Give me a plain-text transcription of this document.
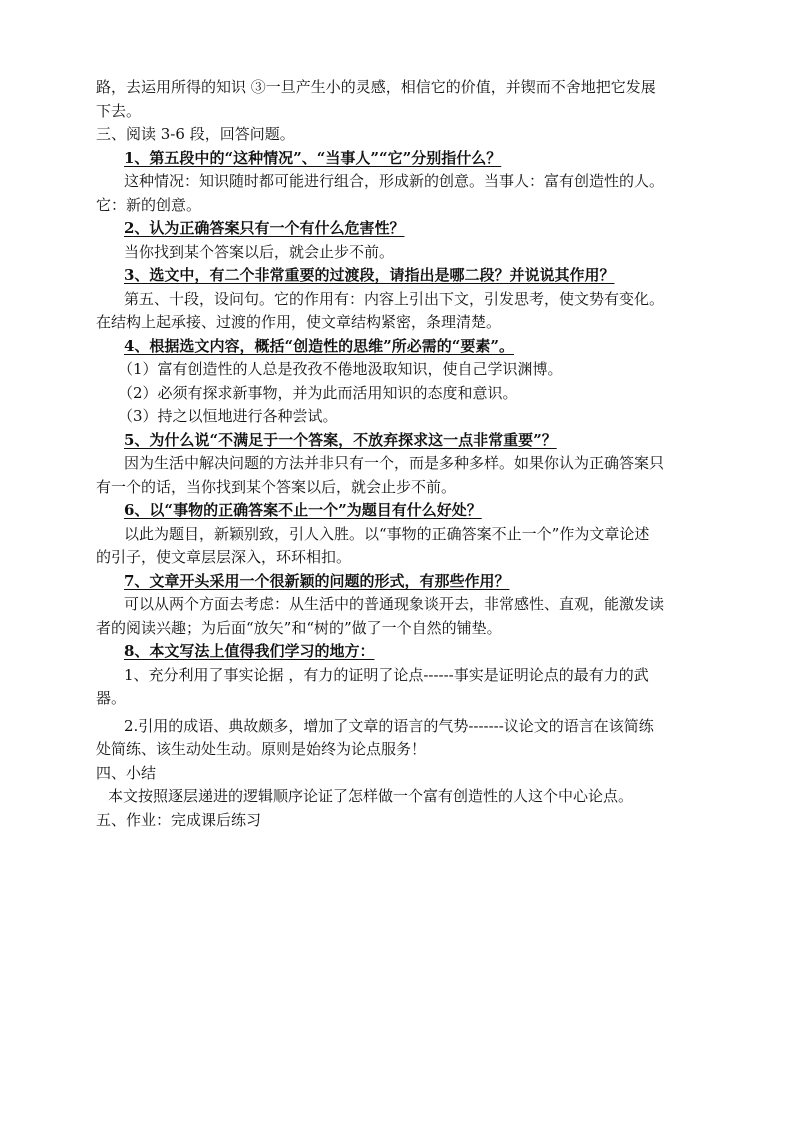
路，去运用所得的知识 ③一旦产生小的灵感，相信它的价值，并锲而不舍地把它发展
下去。
三、阅读 3-6 段，回答问题。
1、第五段中的“这种情况”、“当事人”“它”分别指什么？
这种情况：知识随时都可能进行组合，形成新的创意。当事人：富有创造性的人。
它：新的创意。
2、认为正确答案只有一个有什么危害性？
当你找到某个答案以后，就会止步不前。
3、选文中，有二个非常重要的过渡段，请指出是哪二段？并说说其作用？
第五、十段，设问句。它的作用有：内容上引出下文，引发思考，使文势有变化。
在结构上起承接、过渡的作用，使文章结构紧密，条理清楚。
4、根据选文内容，概括“创造性的思维”所必需的“要素”。
（1）富有创造性的人总是孜孜不倦地汲取知识，使自己学识渊博。
（2）必须有探求新事物，并为此而活用知识的态度和意识。
（3）持之以恒地进行各种尝试。
5、为什么说“不满足于一个答案，不放弃探求这一点非常重要”？
因为生活中解决问题的方法并非只有一个，而是多种多样。如果你认为正确答案只
有一个的话，当你找到某个答案以后，就会止步不前。
6、以“事物的正确答案不止一个”为题目有什么好处？
以此为题目，新颖别致，引人入胜。以“事物的正确答案不止一个”作为文章论述
的引子，使文章层层深入，环环相扣。
7、文章开头采用一个很新颖的问题的形式，有那些作用？
可以从两个方面去考虑：从生活中的普通现象谈开去，非常感性、直观，能激发读
者的阅读兴趣；为后面“放矢”和“树的”做了一个自然的铺垫。
8、本文写法上值得我们学习的地方：
1、充分利用了事实论据 ，有力的证明了论点------事实是证明论点的最有力的武
器。
2.引用的成语、典故颇多，增加了文章的语言的气势-------议论文的语言在该简练
处简练、该生动处生动。原则是始终为论点服务！
四、小结
本文按照逐层递进的逻辑顺序论证了怎样做一个富有创造性的人这个中心论点。
五、作业：完成课后练习
